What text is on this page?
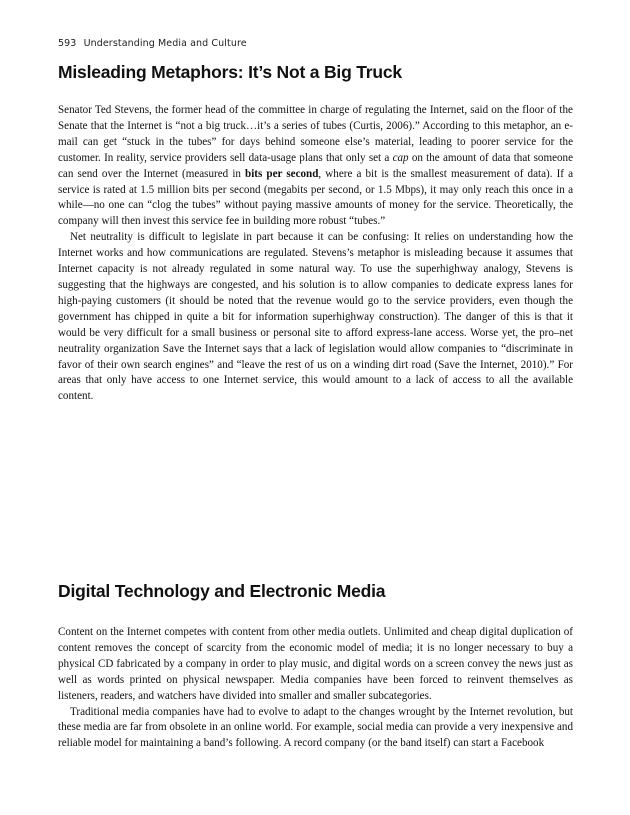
593 Understanding Media and Culture
Misleading Metaphors: It’s Not a Big Truck

Senator Ted Stevens, the former head of the committee in charge of regulating the Internet, said on the floor of the Senate that the Internet is “not a big truck…it’s a series of tubes (Curtis, 2006).” According to this metaphor, an e-mail can get “stuck in the tubes” for days behind someone else’s material, leading to poorer service for the customer. In reality, service providers sell data-usage plans that only set a cap on the amount of data that someone can send over the Internet (measured in bits per second, where a bit is the smallest measurement of data). If a service is rated at 1.5 million bits per second (megabits per second, or 1.5 Mbps), it may only reach this once in a while—no one can “clog the tubes” without paying massive amounts of money for the service. Theoretically, the company will then invest this service fee in building more robust “tubes.”

Net neutrality is difficult to legislate in part because it can be confusing: It relies on understanding how the Internet works and how communications are regulated. Stevens’s metaphor is misleading because it assumes that Internet capacity is not already regulated in some natural way. To use the superhighway analogy, Stevens is suggesting that the highways are congested, and his solution is to allow companies to dedicate express lanes for high-paying customers (it should be noted that the revenue would go to the service providers, even though the government has chipped in quite a bit for information superhighway construction). The danger of this is that it would be very difficult for a small business or personal site to afford express-lane access. Worse yet, the pro–net neutrality organization Save the Internet says that a lack of legislation would allow companies to “discriminate in favor of their own search engines” and “leave the rest of us on a winding dirt road (Save the Internet, 2010).” For areas that only have access to one Internet service, this would amount to a lack of access to all the available content.

Digital Technology and Electronic Media

Content on the Internet competes with content from other media outlets. Unlimited and cheap digital duplication of content removes the concept of scarcity from the economic model of media; it is no longer necessary to buy a physical CD fabricated by a company in order to play music, and digital words on a screen convey the news just as well as words printed on physical newspaper. Media companies have been forced to reinvent themselves as listeners, readers, and watchers have divided into smaller and smaller subcategories.

Traditional media companies have had to evolve to adapt to the changes wrought by the Internet revolution, but these media are far from obsolete in an online world. For example, social media can provide a very inexpensive and reliable model for maintaining a band’s following. A record company (or the band itself) can start a Facebook
